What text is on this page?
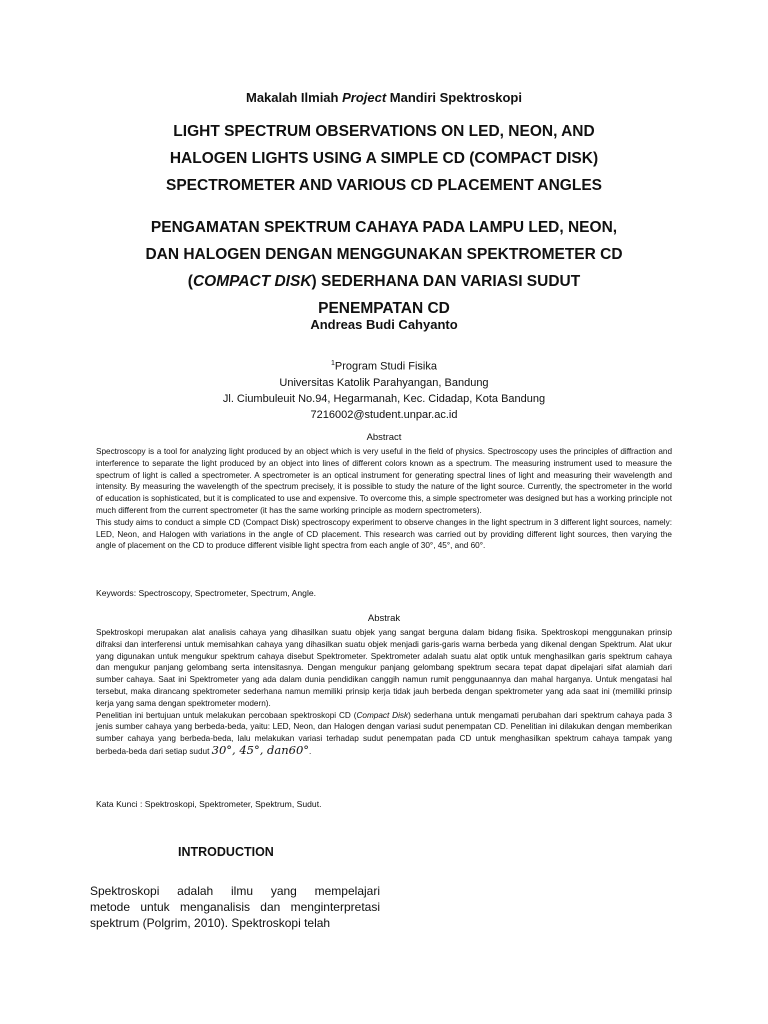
Makalah Ilmiah Project Mandiri Spektroskopi
LIGHT SPECTRUM OBSERVATIONS ON LED, NEON, AND
HALOGEN LIGHTS USING A SIMPLE CD (COMPACT DISK)
SPECTROMETER AND VARIOUS CD PLACEMENT ANGLES
PENGAMATAN SPEKTRUM CAHAYA PADA LAMPU LED, NEON,
DAN HALOGEN DENGAN MENGGUNAKAN SPEKTROMETER CD
(COMPACT DISK) SEDERHANA DAN VARIASI SUDUT
PENEMPATAN CD
Andreas Budi Cahyanto
$^1$Program Studi Fisika
Universitas Katolik Parahyangan, Bandung
Jl. Ciumbuleuit No.94, Hegarmanah, Kec. Cidadap, Kota Bandung
7216002@student.unpar.ac.id
Abstract
Spectroscopy is a tool for analyzing light produced by an object which is very useful in the field of physics. Spectroscopy uses the principles of diffraction and interference to separate the light produced by an object into lines of different colors known as a spectrum. The measuring instrument used to measure the spectrum of light is called a spectrometer. A spectrometer is an optical instrument for generating spectral lines of light and measuring their wavelength and intensity. By measuring the wavelength of the spectrum precisely, it is possible to study the nature of the light source. Currently, the spectrometer in the world of education is sophisticated, but it is complicated to use and expensive. To overcome this, a simple spectrometer was designed but has a working principle not much different from the current spectrometer (it has the same working principle as modern spectrometers).
This study aims to conduct a simple CD (Compact Disk) spectroscopy experiment to observe changes in the light spectrum in 3 different light sources, namely: LED, Neon, and Halogen with variations in the angle of CD placement. This research was carried out by providing different light sources, then varying the angle of placement on the CD to produce different visible light spectra from each angle of 30°, 45°, and 60°.
Keywords: Spectroscopy, Spectrometer, Spectrum, Angle.
Abstrak
Spektroskopi merupakan alat analisis cahaya yang dihasilkan suatu objek yang sangat berguna dalam bidang fisika. Spektroskopi menggunakan prinsip difraksi dan interferensi untuk memisahkan cahaya yang dihasilkan suatu objek menjadi garis-garis warna berbeda yang dikenal dengan Spektrum. Alat ukur yang digunakan untuk mengukur spektrum cahaya disebut Spektrometer. Spektrometer adalah suatu alat optik untuk menghasilkan garis spektrum cahaya dan mengukur panjang gelombang serta intensitasnya. Dengan mengukur panjang gelombang spektrum secara tepat dapat dipelajari sifat alamiah dari sumber cahaya. Saat ini Spektrometer yang ada dalam dunia pendidikan canggih namun rumit penggunaannya dan mahal harganya. Untuk mengatasi hal tersebut, maka dirancang spektrometer sederhana namun memiliki prinsip kerja tidak jauh berbeda dengan spektrometer yang ada saat ini (memiliki prinsip kerja yang sama dengan spektrometer modern).
Penelitian ini bertujuan untuk melakukan percobaan spektroskopi CD (Compact Disk) sederhana untuk mengamati perubahan dari spektrum cahaya pada 3 jenis sumber cahaya yang berbeda-beda, yaitu: LED, Neon, dan Halogen dengan variasi sudut penempatan CD. Penelitian ini dilakukan dengan memberikan sumber cahaya yang berbeda-beda, lalu melakukan variasi terhadap sudut penempatan pada CD untuk menghasilkan spektrum cahaya tampak yang berbeda-beda dari setiap sudut 30°, 45°, dan60°.
Kata Kunci : Spektroskopi, Spektrometer, Spektrum, Sudut.
INTRODUCTION
Spektroskopi adalah ilmu yang mempelajari
metode untuk menganalisis dan menginterpretasi
spektrum (Polgrim, 2010). Spektroskopi telah
